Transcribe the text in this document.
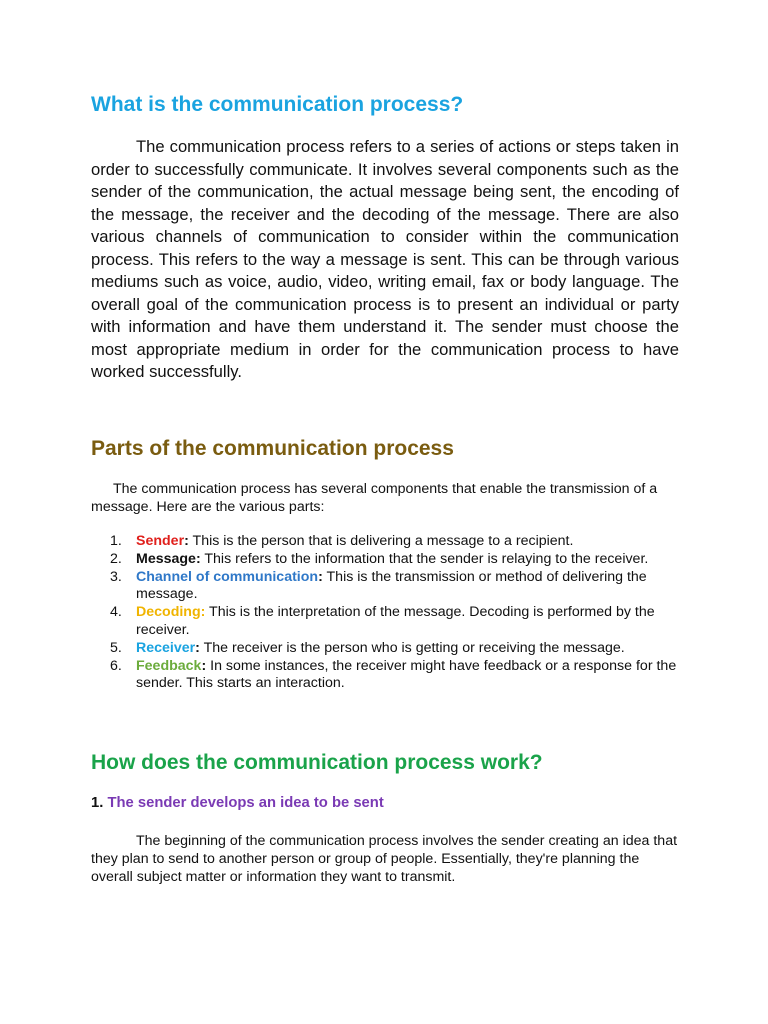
What is the communication process?

The communication process refers to a series of actions or steps taken in order to successfully communicate. It involves several components such as the sender of the communication, the actual message being sent, the encoding of the message, the receiver and the decoding of the message. There are also various channels of communication to consider within the communication process. This refers to the way a message is sent. This can be through various mediums such as voice, audio, video, writing email, fax or body language. The overall goal of the communication process is to present an individual or party with information and have them understand it. The sender must choose the most appropriate medium in order for the communication process to have worked successfully.

Parts of the communication process

The communication process has several components that enable the transmission of a message. Here are the various parts:

1. Sender: This is the person that is delivering a message to a recipient.
2. Message: This refers to the information that the sender is relaying to the receiver.
3. Channel of communication: This is the transmission or method of delivering the message.
4. Decoding: This is the interpretation of the message. Decoding is performed by the receiver.
5. Receiver: The receiver is the person who is getting or receiving the message.
6. Feedback: In some instances, the receiver might have feedback or a response for the sender. This starts an interaction.
How does the communication process work?
1. The sender develops an idea to be sent

The beginning of the communication process involves the sender creating an idea that they plan to send to another person or group of people. Essentially, they're planning the overall subject matter or information they want to transmit.
